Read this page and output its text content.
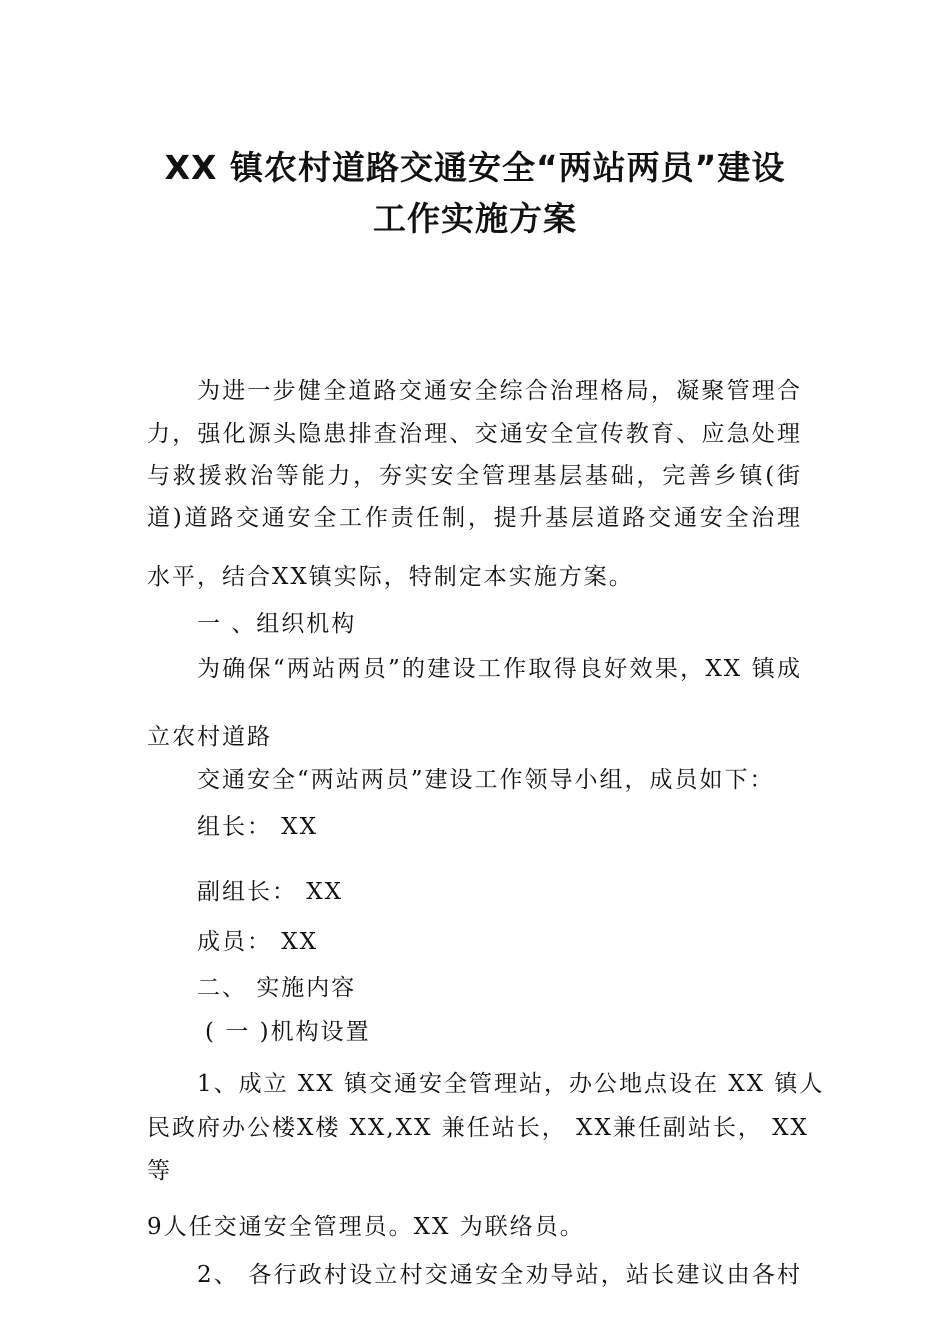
XX 镇农村道路交通安全“两站两员”建设
工作实施方案
为进一步健全道路交通安全综合治理格局，凝聚管理合
力，强化源头隐患排查治理、交通安全宣传教育、应急处理
与救援救治等能力，夯实安全管理基层基础，完善乡镇(街
道)道路交通安全工作责任制，提升基层道路交通安全治理
水平，结合XX镇实际，特制定本实施方案。
一 、组织机构
为确保“两站两员”的建设工作取得良好效果，XX 镇成
立农村道路
交通安全“两站两员”建设工作领导小组，成员如下：
组长： XX
副组长： XX
成员： XX
二、 实施内容
( 一 )机构设置
1、成立 XX 镇交通安全管理站，办公地点设在 XX 镇人
民政府办公楼X楼 XX,XX 兼任站长， XX兼任副站长， XX
等
9人任交通安全管理员。XX 为联络员。
2、 各行政村设立村交通安全劝导站，站长建议由各村
